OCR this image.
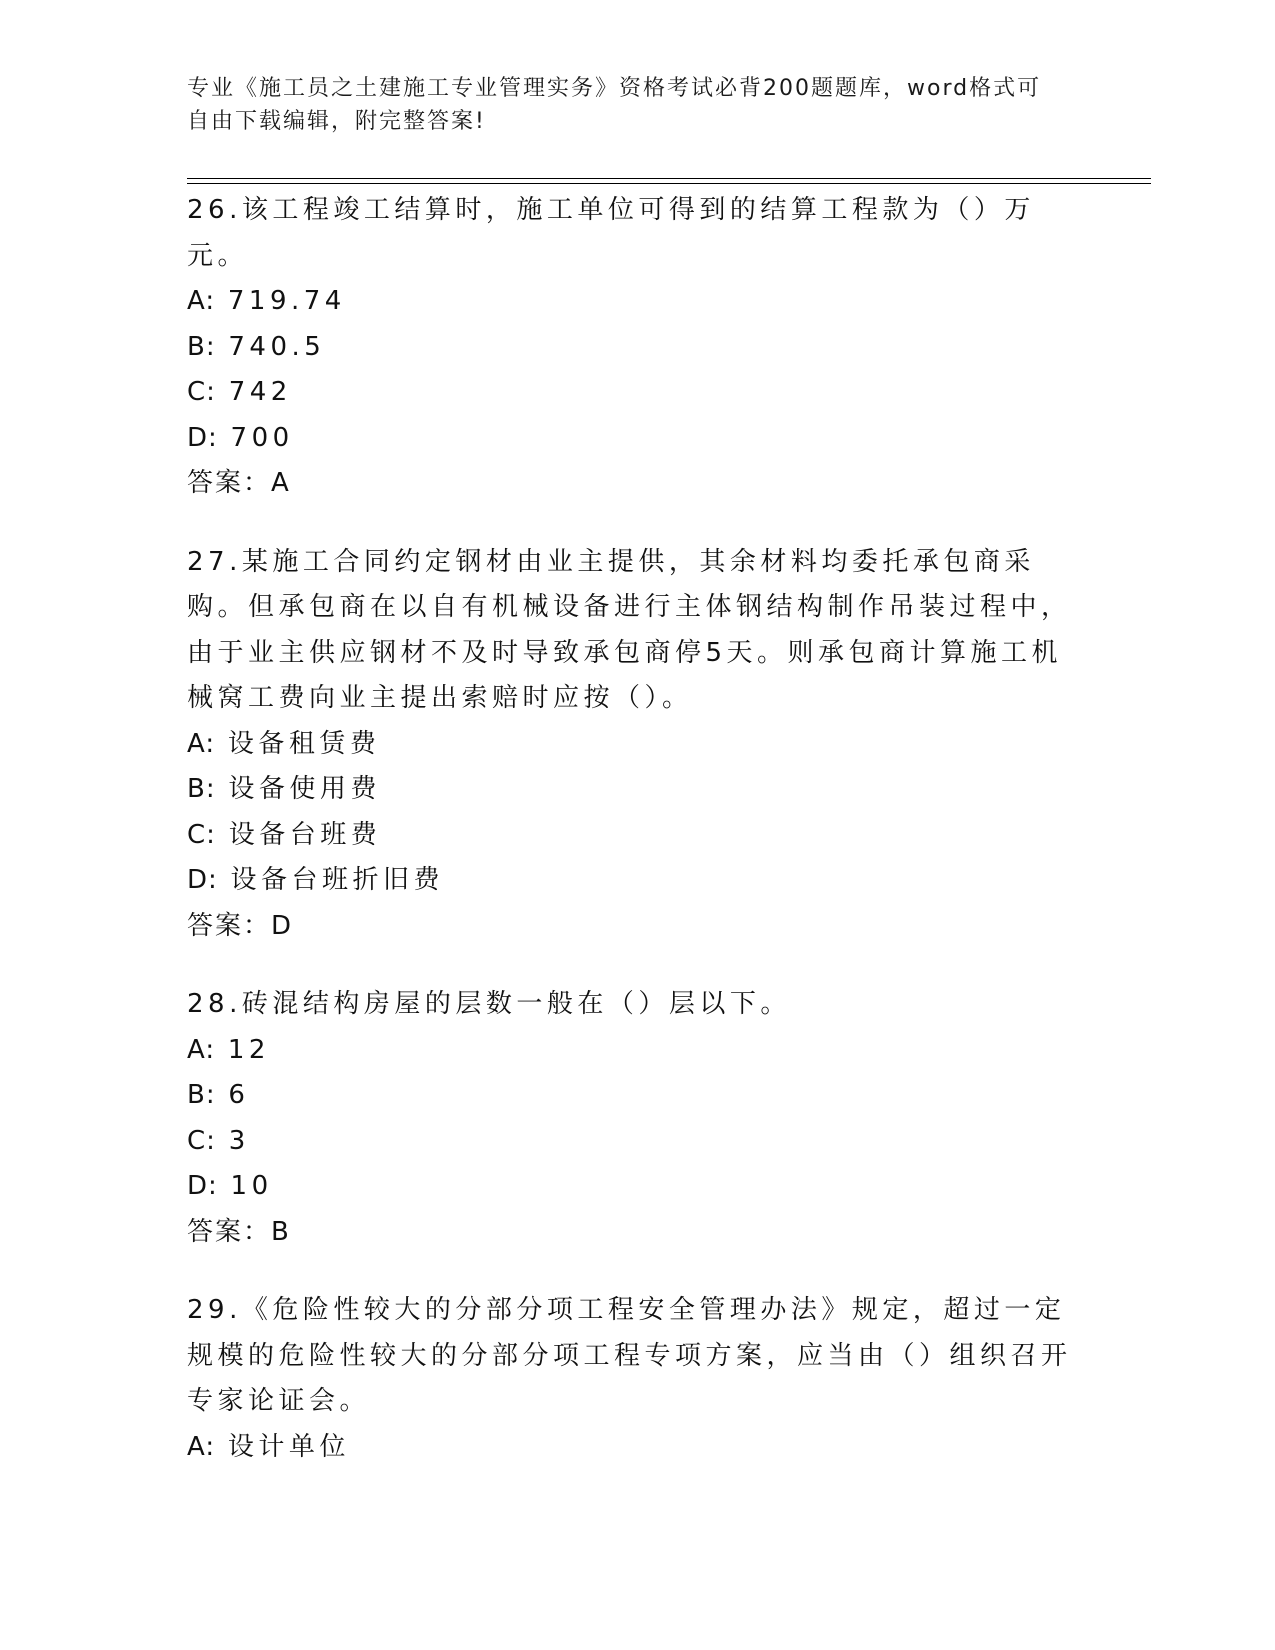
专业《施工员之土建施工专业管理实务》资格考试必背200题题库，word格式可
自由下载编辑，附完整答案!
26.该工程竣工结算时，施工单位可得到的结算工程款为（）万元。
A: 719.74
B: 740.5
C: 742
D: 700
答案：A
27.某施工合同约定钢材由业主提供，其余材料均委托承包商采购。但承包商在以自有机械设备进行主体钢结构制作吊装过程中，由于业主供应钢材不及时导致承包商停5天。则承包商计算施工机械窝工费向业主提出索赔时应按（）。
A: 设备租赁费
B: 设备使用费
C: 设备台班费
D: 设备台班折旧费
答案：D
28.砖混结构房屋的层数一般在（）层以下。
A: 12
B: 6
C: 3
D: 10
答案：B
29.《危险性较大的分部分项工程安全管理办法》规定，超过一定规模的危险性较大的分部分项工程专项方案，应当由（）组织召开专家论证会。
A: 设计单位
